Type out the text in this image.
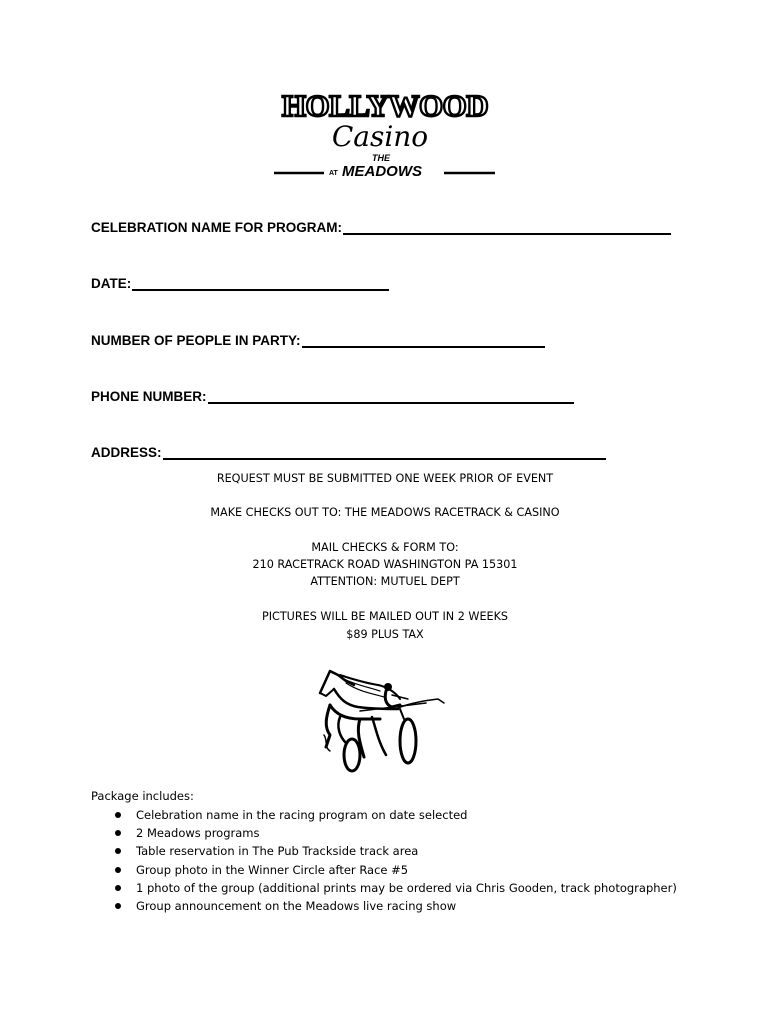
HOLLYWOOD
Casino
AT
THE
MEADOWS
CELEBRATION NAME FOR PROGRAM:
DATE:
NUMBER OF PEOPLE IN PARTY:
PHONE NUMBER:
ADDRESS:
REQUEST MUST BE SUBMITTED ONE WEEK PRIOR OF EVENT
MAKE CHECKS OUT TO: THE MEADOWS RACETRACK & CASINO
MAIL CHECKS & FORM TO:
210 RACETRACK ROAD WASHINGTON PA 15301
ATTENTION: MUTUEL DEPT
PICTURES WILL BE MAILED OUT IN 2 WEEKS
$89 PLUS TAX
Package includes:
Celebration name in the racing program on date selected
2 Meadows programs
Table reservation in The Pub Trackside track area
Group photo in the Winner Circle after Race #5
1 photo of the group (additional prints may be ordered via Chris Gooden, track photographer)
Group announcement on the Meadows live racing show
